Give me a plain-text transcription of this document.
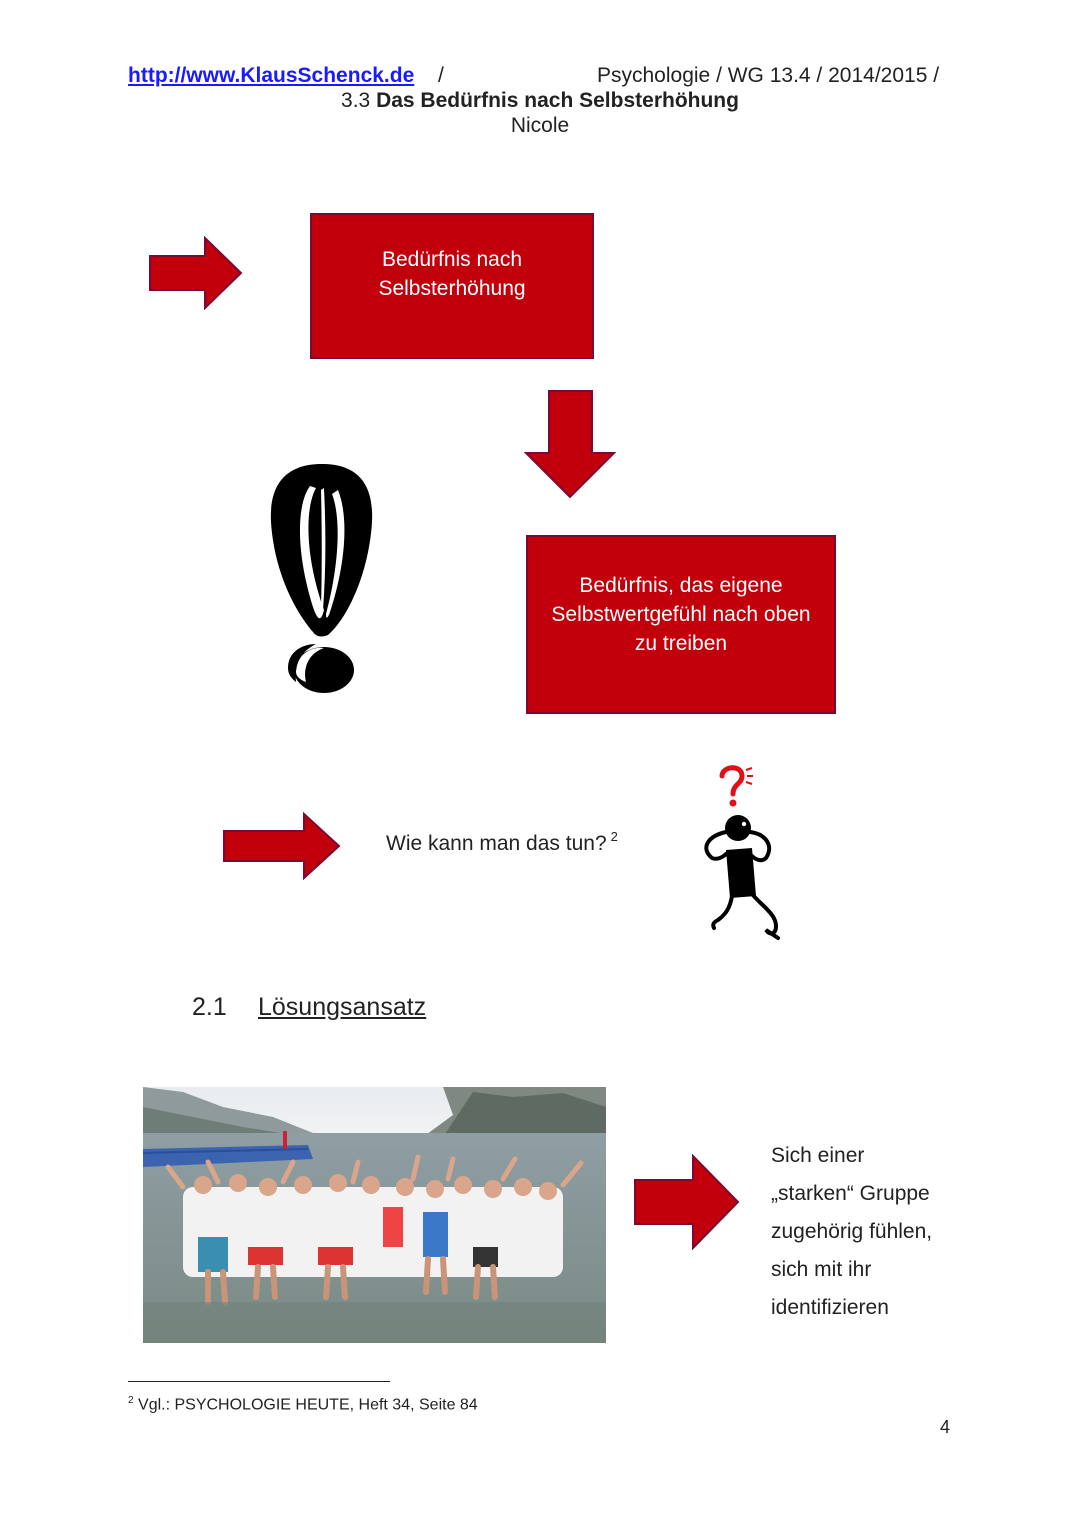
http://www.KlausSchenck.de /	Psychologie / WG 13.4 / 2014/2015 /
3.3 Das Bedürfnis nach Selbsterhöhung
Nicole
Bedürfnis nach
Selbsterhöhung
Bedürfnis, das eigene
Selbstwertgefühl nach oben
zu treiben
Wie kann man das tun? $^2$
2.1 Lösungsansatz
Sich einer
„starken“ Gruppe
zugehörig fühlen,
sich mit ihr
identifizieren
$^2$ Vgl.: PSYCHOLOGIE HEUTE, Heft 34, Seite 84
4
